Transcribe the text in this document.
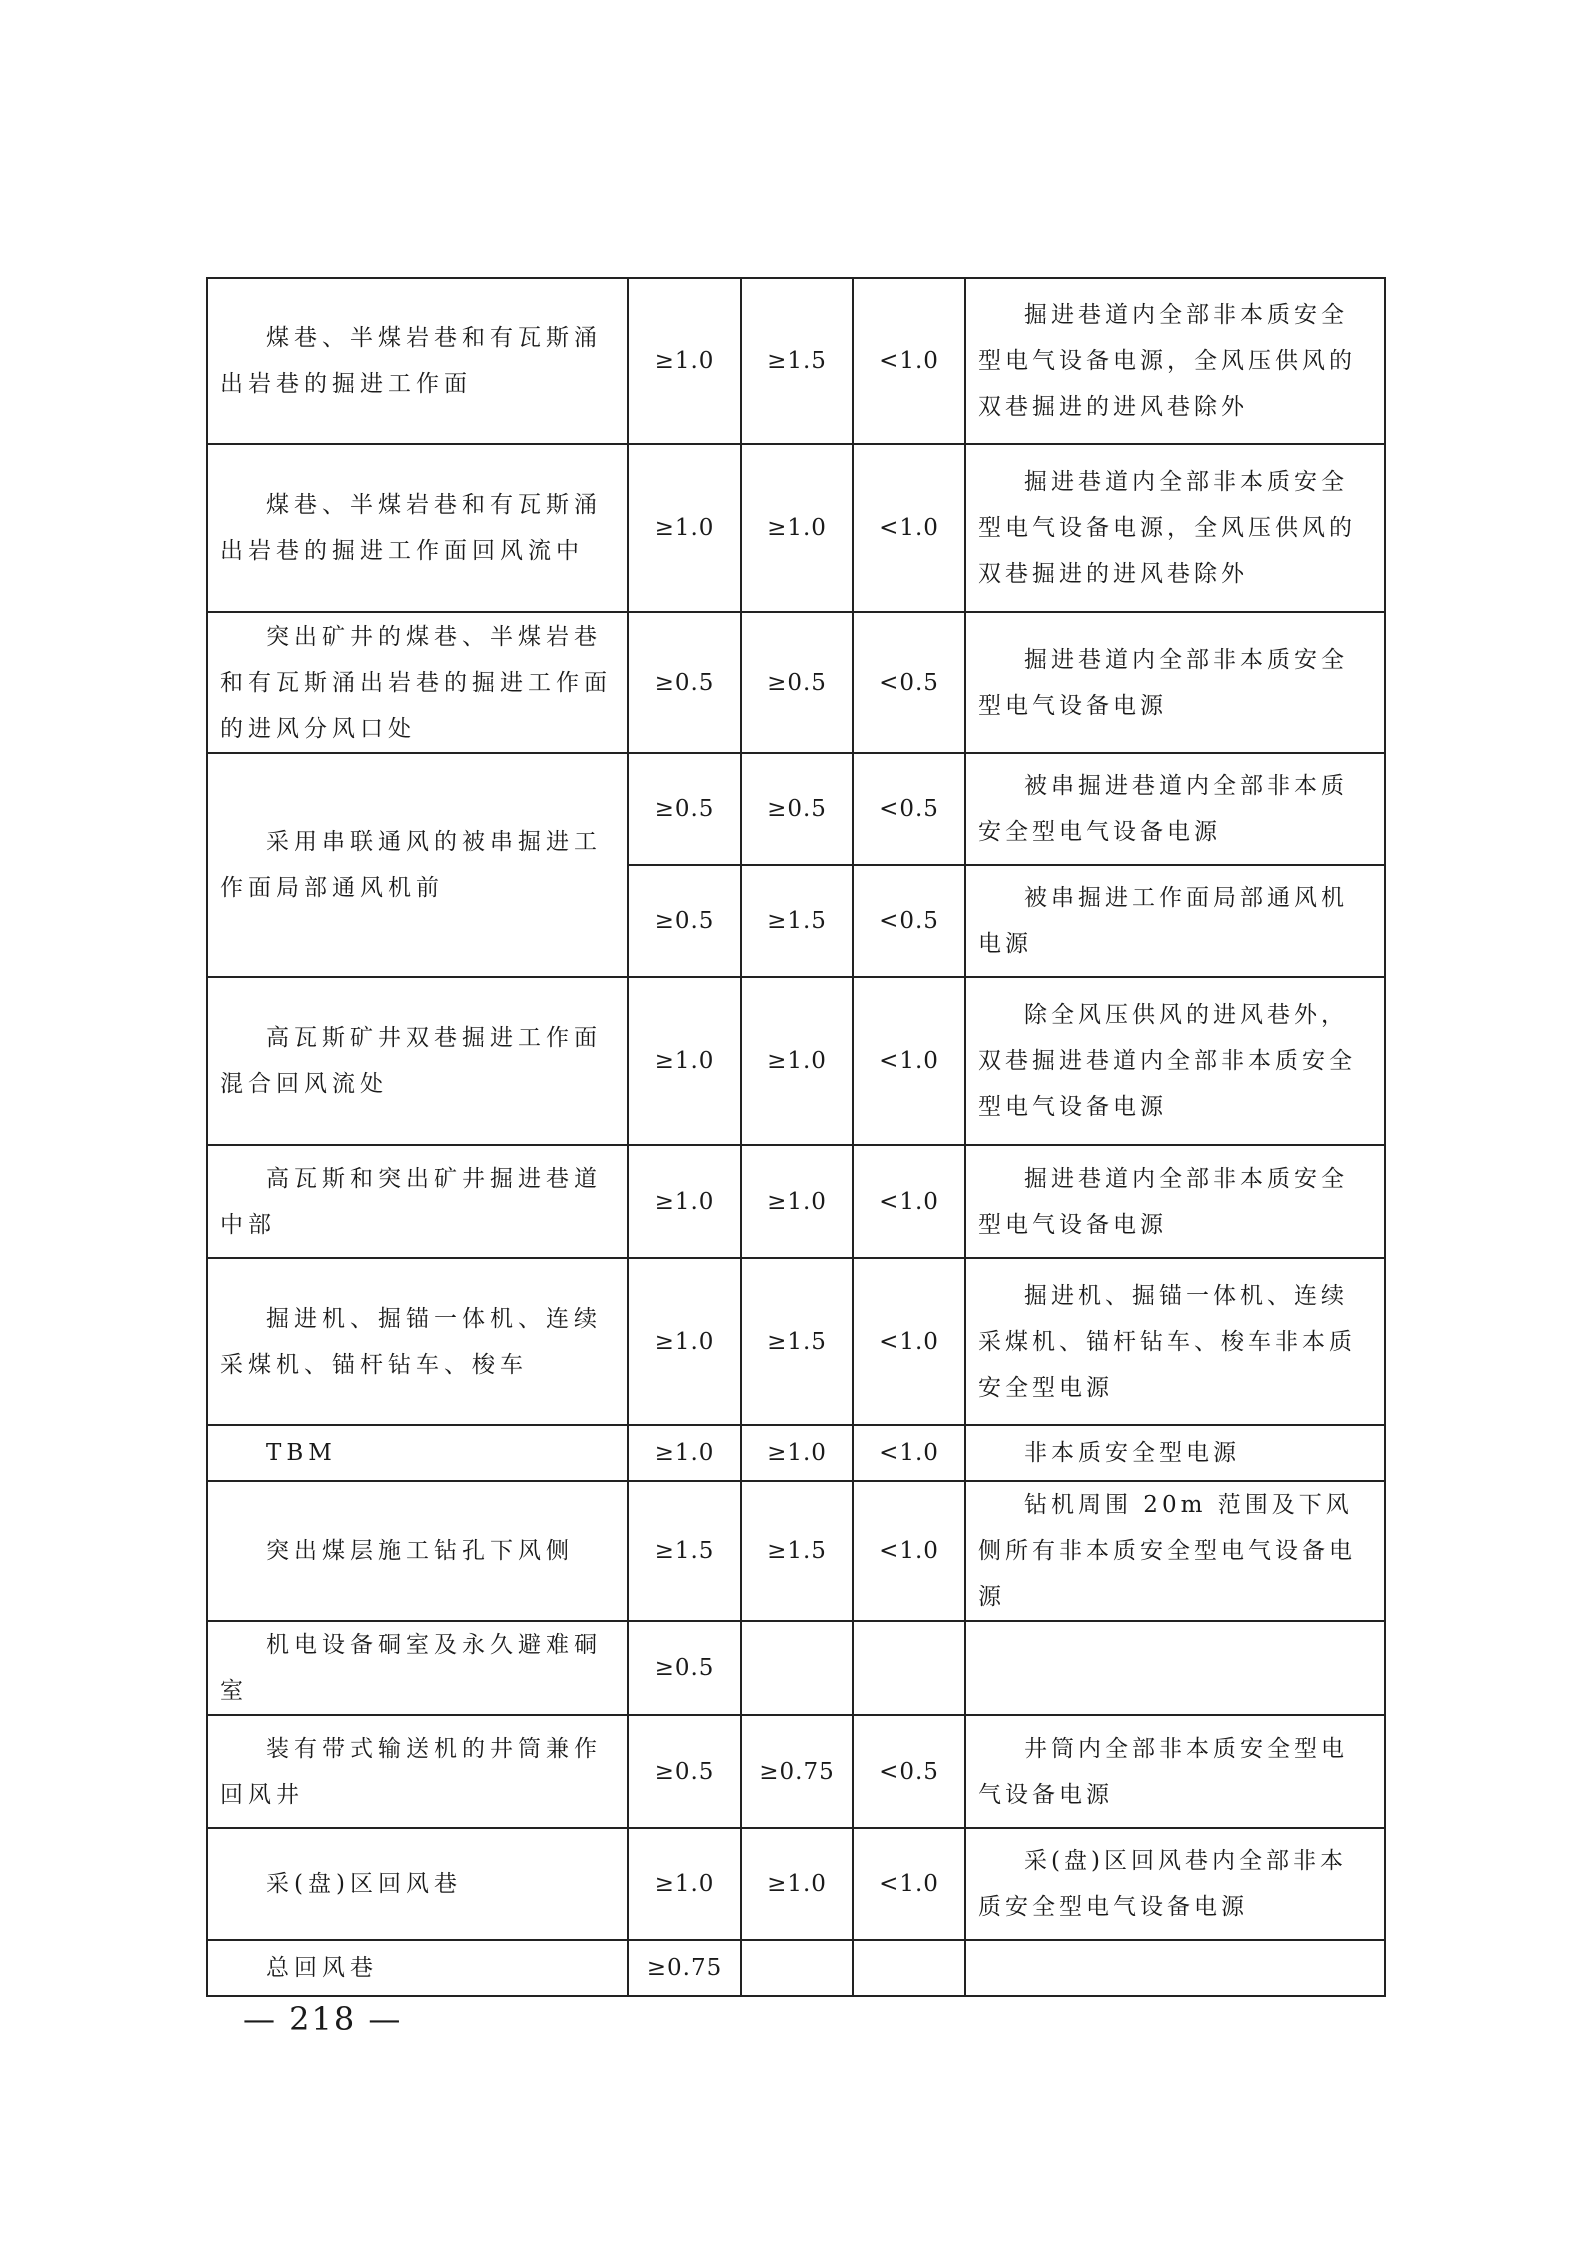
煤巷、半煤岩巷和有瓦斯涌出岩巷的掘进工作面	≥1.0	≥1.5	<1.0	掘进巷道内全部非本质安全型电气设备电源，全风压供风的双巷掘进的进风巷除外
煤巷、半煤岩巷和有瓦斯涌出岩巷的掘进工作面回风流中	≥1.0	≥1.0	<1.0	掘进巷道内全部非本质安全型电气设备电源，全风压供风的双巷掘进的进风巷除外
突出矿井的煤巷、半煤岩巷和有瓦斯涌出岩巷的掘进工作面的进风分风口处	≥0.5	≥0.5	<0.5	掘进巷道内全部非本质安全型电气设备电源
采用串联通风的被串掘进工作面局部通风机前	≥0.5	≥0.5	<0.5	被串掘进巷道内全部非本质安全型电气设备电源
	≥0.5	≥1.5	<0.5	被串掘进工作面局部通风机电源
高瓦斯矿井双巷掘进工作面混合回风流处	≥1.0	≥1.0	<1.0	除全风压供风的进风巷外，双巷掘进巷道内全部非本质安全型电气设备电源
高瓦斯和突出矿井掘进巷道中部	≥1.0	≥1.0	<1.0	掘进巷道内全部非本质安全型电气设备电源
掘进机、掘锚一体机、连续采煤机、锚杆钻车、梭车	≥1.0	≥1.5	<1.0	掘进机、掘锚一体机、连续采煤机、锚杆钻车、梭车非本质安全型电源
TBM	≥1.0	≥1.0	<1.0	非本质安全型电源
突出煤层施工钻孔下风侧	≥1.5	≥1.5	<1.0	钻机周围 20m 范围及下风侧所有非本质安全型电气设备电源
机电设备硐室及永久避难硐室	≥0.5			
装有带式输送机的井筒兼作回风井	≥0.5	≥0.75	<0.5	井筒内全部非本质安全型电气设备电源
采(盘)区回风巷	≥1.0	≥1.0	<1.0	采(盘)区回风巷内全部非本质安全型电气设备电源
总回风巷	≥0.75			
— 218 —
